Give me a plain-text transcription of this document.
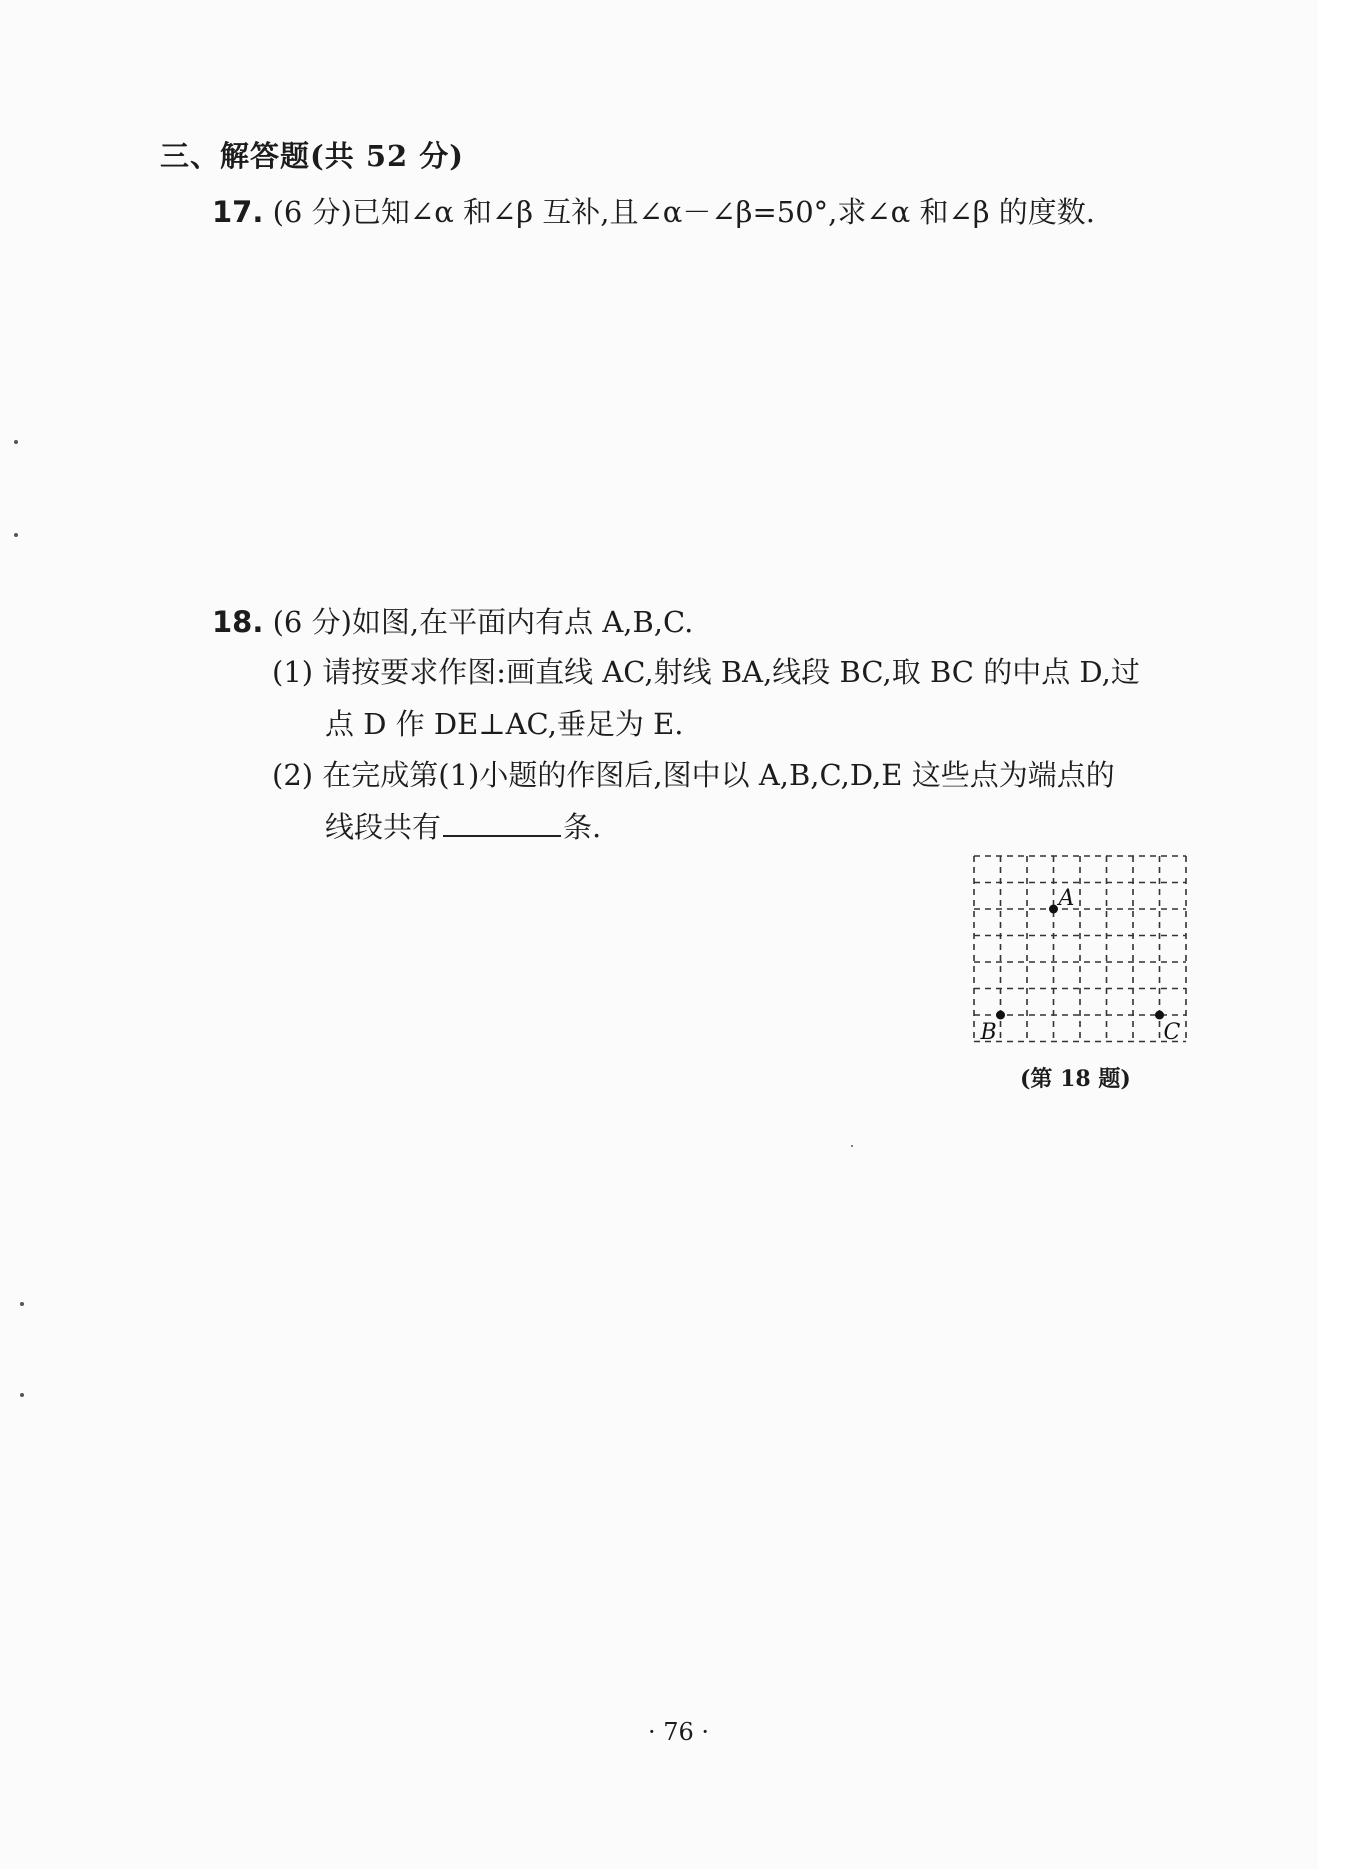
三、解答题(共 52 分)
17. (6 分)已知∠α 和∠β 互补,且∠α－∠β=50°,求∠α 和∠β 的度数.
18. (6 分)如图,在平面内有点 A,B,C.
(1) 请按要求作图:画直线 AC,射线 BA,线段 BC,取 BC 的中点 D,过
点 D 作 DE⊥AC,垂足为 E.
(2) 在完成第(1)小题的作图后,图中以 A,B,C,D,E 这些点为端点的
线段共有	条.
A
B	C
(第 18 题)
· 76 ·
